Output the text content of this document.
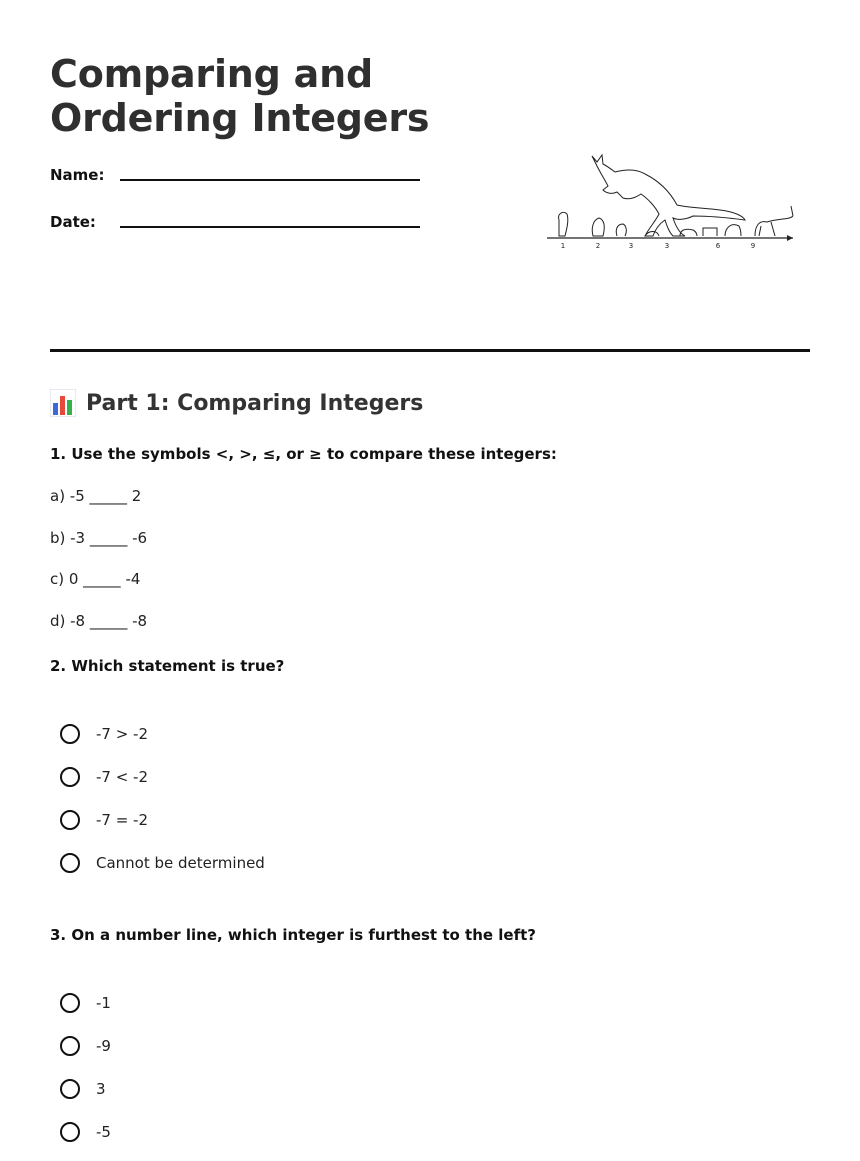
Comparing and
Ordering Integers
Name:
Date:
1	2	3	3	6	9
Part 1: Comparing Integers

1. Use the symbols <, >, ≤, or ≥ to compare these integers:

a) -5 _____ 2
b) -3 _____ -6
c) 0 _____ -4
d) -8 _____ -8

2. Which statement is true?

-7 > -2
-7 < -2
-7 = -2
Cannot be determined

3. On a number line, which integer is furthest to the left?

-1
-9
3
-5
